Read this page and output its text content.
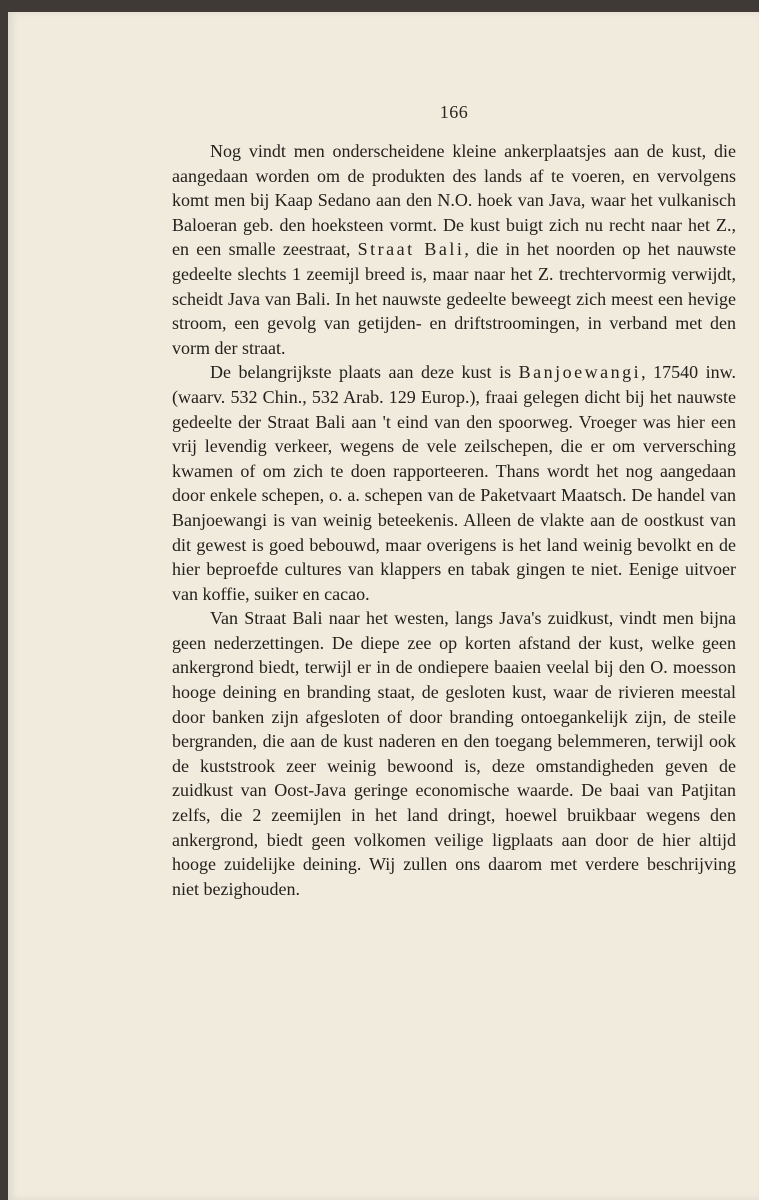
166

Nog vindt men onderscheidene kleine ankerplaatsjes aan de kust, die aangedaan worden om de produkten des lands af te voeren, en vervolgens komt men bij Kaap Sedano aan den N.O. hoek van Java, waar het vulkanisch Baloeran geb. den hoeksteen vormt. De kust buigt zich nu recht naar het Z., en een smalle zeestraat, Straat Bali, die in het noorden op het nauwste gedeelte slechts 1 zeemijl breed is, maar naar het Z. trechtervormig verwijdt, scheidt Java van Bali. In het nauwste gedeelte beweegt zich meest een hevige stroom, een gevolg van getijden- en driftstroomingen, in verband met den vorm der straat.

De belangrijkste plaats aan deze kust is Banjoewangi, 17540 inw. (waarv. 532 Chin., 532 Arab. 129 Europ.), fraai gelegen dicht bij het nauwste gedeelte der Straat Bali aan 't eind van den spoorweg. Vroeger was hier een vrij levendig verkeer, wegens de vele zeilschepen, die er om verversching kwamen of om zich te doen rapporteeren. Thans wordt het nog aangedaan door enkele schepen, o. a. schepen van de Paketvaart Maatsch. De handel van Banjoewangi is van weinig beteekenis. Alleen de vlakte aan de oostkust van dit gewest is goed bebouwd, maar overigens is het land weinig bevolkt en de hier beproefde cultures van klappers en tabak gingen te niet. Eenige uitvoer van koffie, suiker en cacao.

Van Straat Bali naar het westen, langs Java's zuidkust, vindt men bijna geen nederzettingen. De diepe zee op korten afstand der kust, welke geen ankergrond biedt, terwijl er in de ondiepere baaien veelal bij den O. moesson hooge deining en branding staat, de gesloten kust, waar de rivieren meestal door banken zijn afgesloten of door branding ontoegankelijk zijn, de steile bergranden, die aan de kust naderen en den toegang belemmeren, terwijl ook de kuststrook zeer weinig bewoond is, deze omstandigheden geven de zuidkust van Oost-Java geringe economische waarde. De baai van Patjitan zelfs, die 2 zeemijlen in het land dringt, hoewel bruikbaar wegens den ankergrond, biedt geen volkomen veilige ligplaats aan door de hier altijd hooge zuidelijke deining. Wij zullen ons daarom met verdere beschrijving niet bezighouden.
